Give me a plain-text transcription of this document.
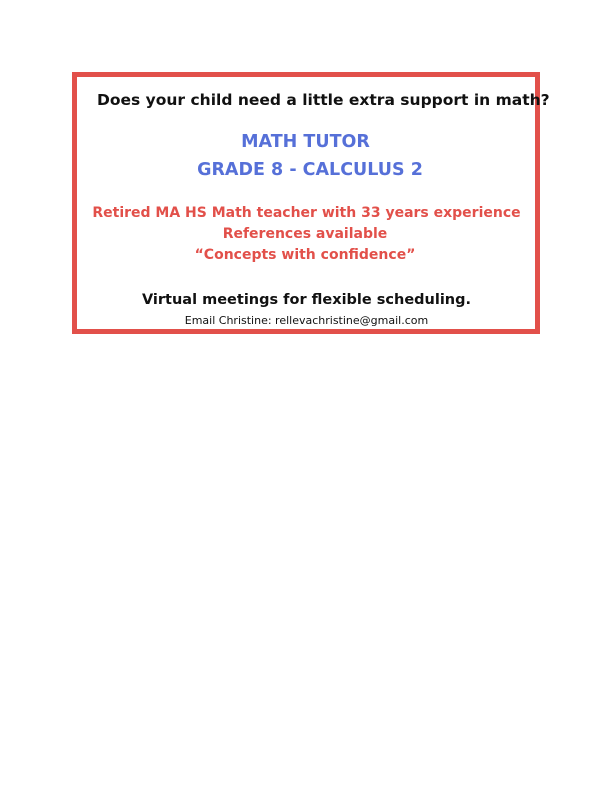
Does your child need a little extra support in math?
MATH TUTOR
GRADE 8 - CALCULUS 2
Retired MA HS Math teacher with 33 years experience
References available
“Concepts with confidence”
Virtual meetings for flexible scheduling.
Email Christine: rellevachristine@gmail.com
